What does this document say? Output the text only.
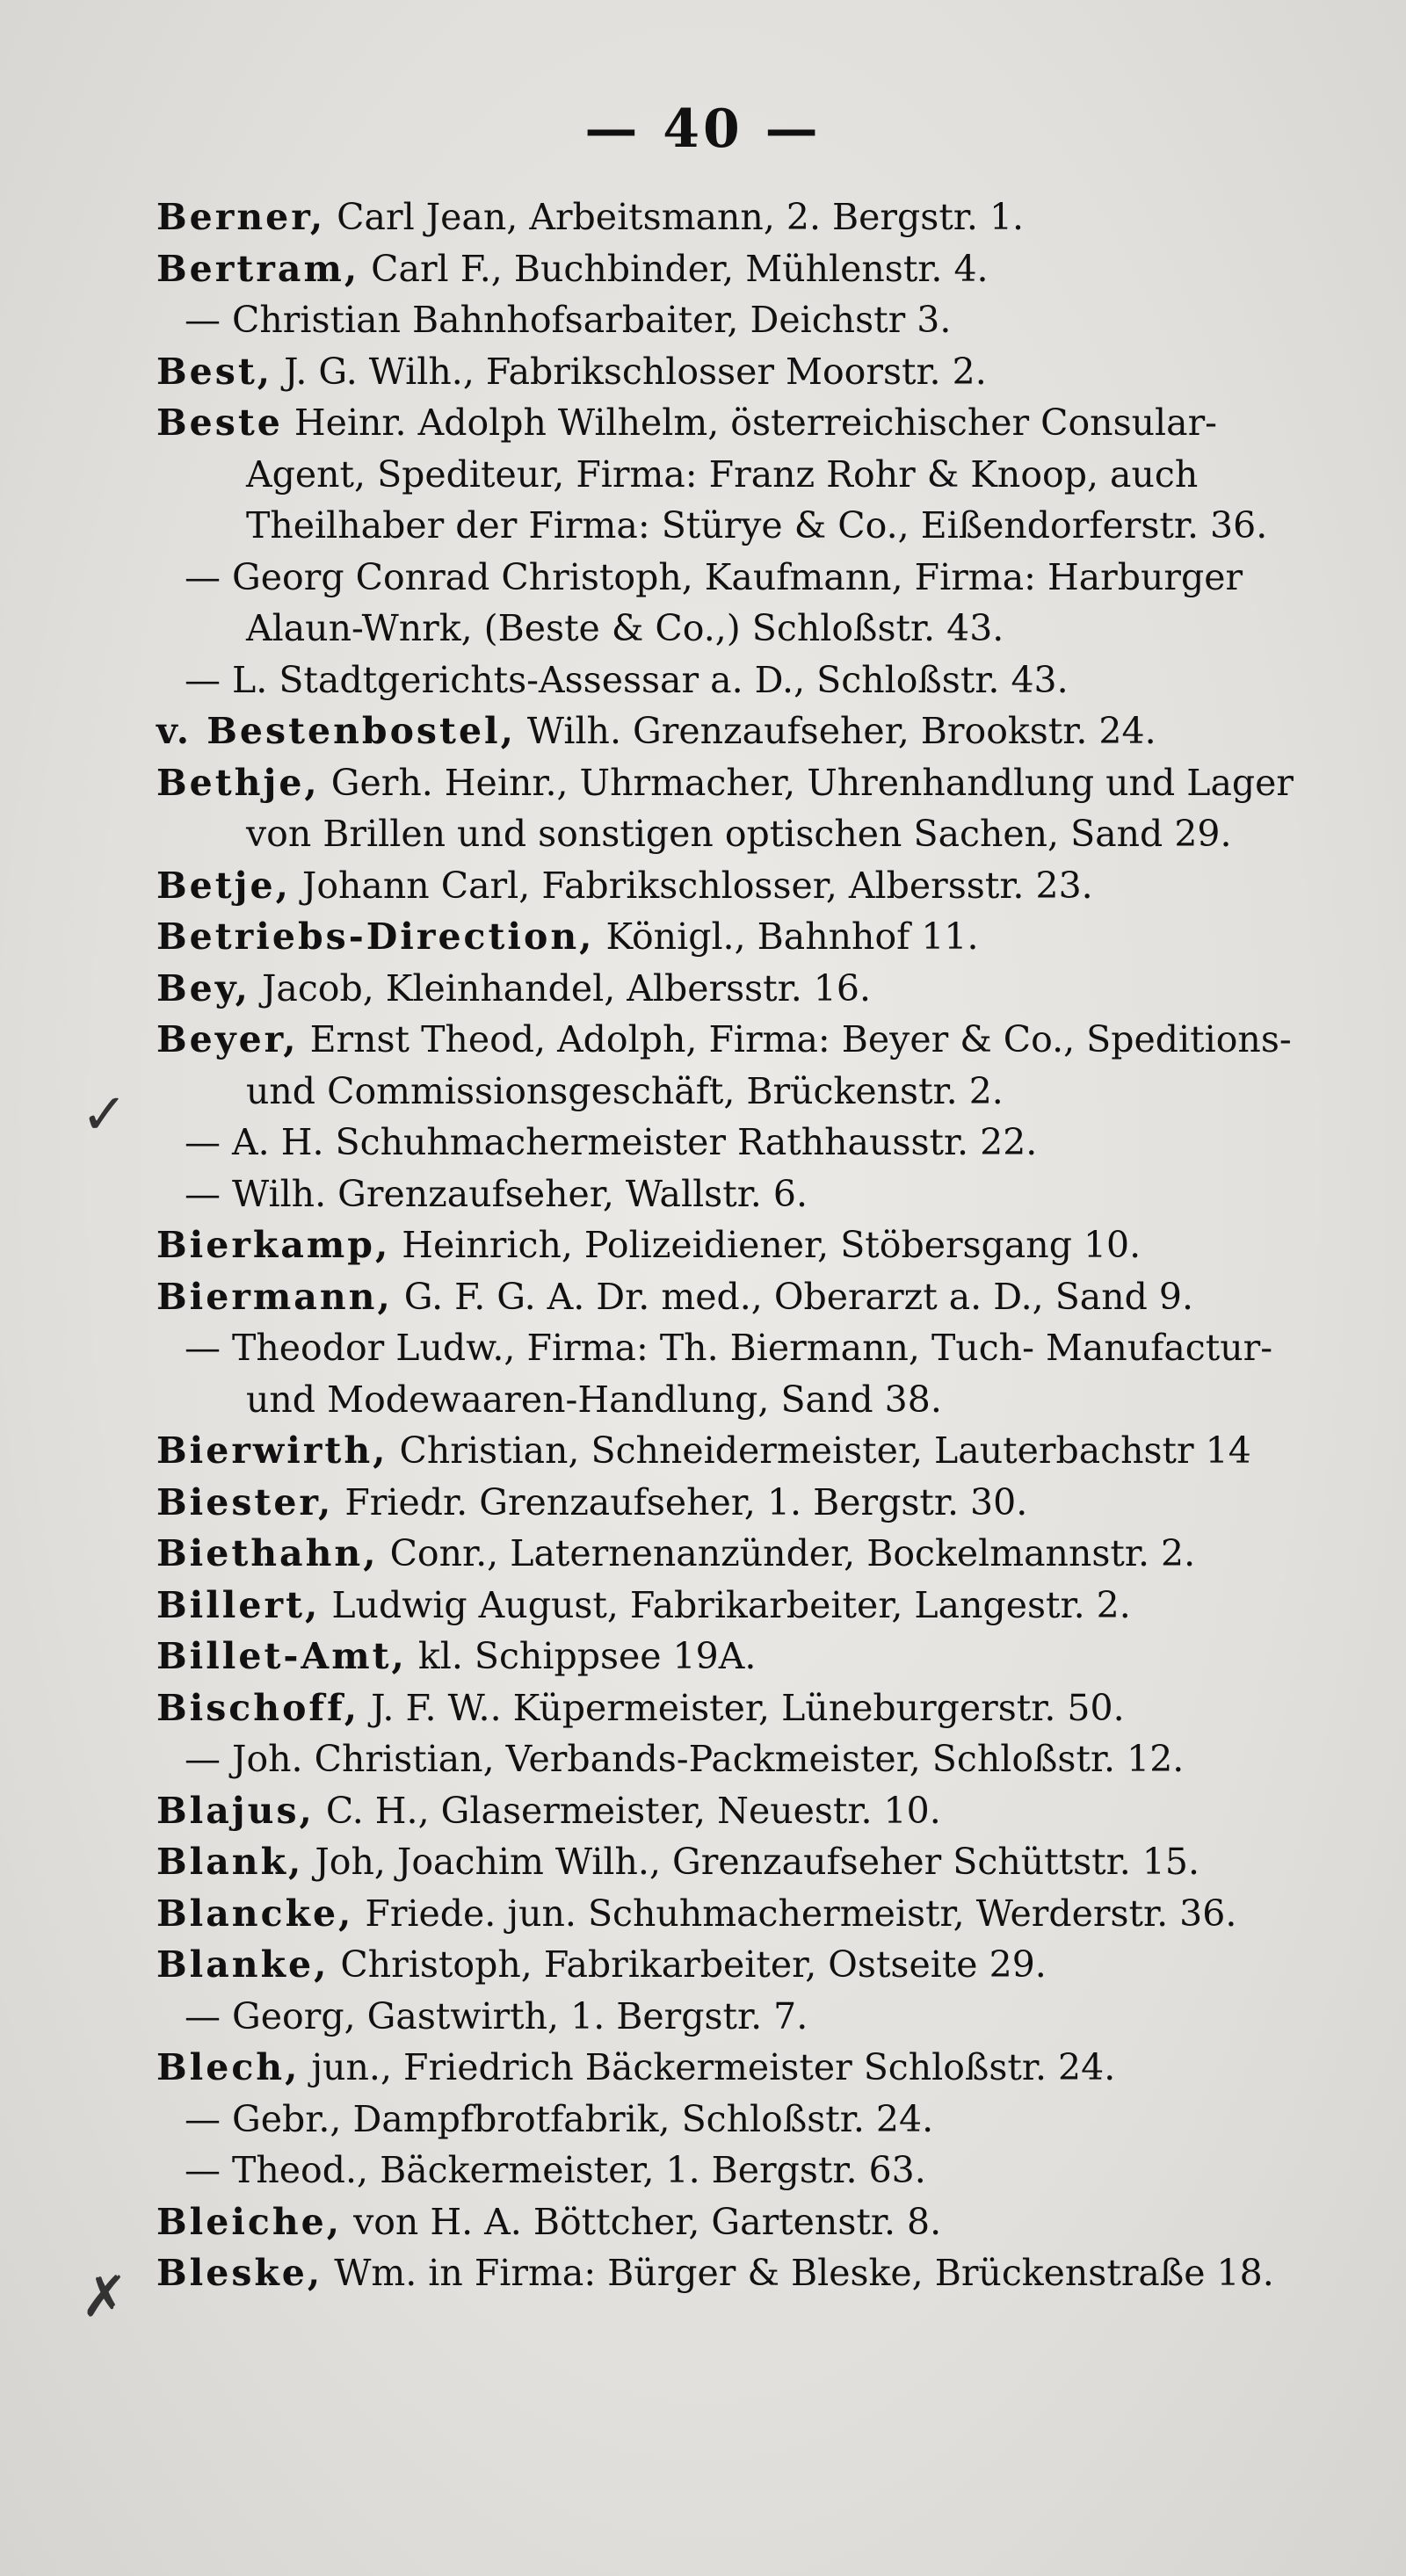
— 40 —
✓
✗
Berner, Carl Jean, Arbeitsmann, 2. Bergstr. 1.
Bertram, Carl F., Buchbinder, Mühlenstr. 4.
— Christian Bahnhofsarbaiter, Deichstr 3.
Best, J. G. Wilh., Fabrikschlosser Moorstr. 2.
Beste Heinr. Adolph Wilhelm, österreichischer Consular-Agent, Spediteur, Firma: Franz Rohr & Knoop, auch Theilhaber der Firma: Stürye & Co., Eißendorferstr. 36.
— Georg Conrad Christoph, Kaufmann, Firma: Harburger Alaun-Wnrk, (Beste & Co.,) Schloßstr. 43.
— L. Stadtgerichts-Assessar a. D., Schloßstr. 43.
v. Bestenbostel, Wilh. Grenzaufseher, Brookstr. 24.
Bethje, Gerh. Heinr., Uhrmacher, Uhrenhandlung und Lager von Brillen und sonstigen optischen Sachen, Sand 29.
Betje, Johann Carl, Fabrikschlosser, Albersstr. 23.
Betriebs-Direction, Königl., Bahnhof 11.
Bey, Jacob, Kleinhandel, Albersstr. 16.
Beyer, Ernst Theod, Adolph, Firma: Beyer & Co., Speditions- und Commissionsgeschäft, Brückenstr. 2.
— A. H. Schuhmachermeister Rathhausstr. 22.
— Wilh. Grenzaufseher, Wallstr. 6.
Bierkamp, Heinrich, Polizeidiener, Stöbersgang 10.
Biermann, G. F. G. A. Dr. med., Oberarzt a. D., Sand 9.
— Theodor Ludw., Firma: Th. Biermann, Tuch- Manufactur- und Modewaaren-Handlung, Sand 38.
Bierwirth, Christian, Schneidermeister, Lauterbachstr 14
Biester, Friedr. Grenzaufseher, 1. Bergstr. 30.
Biethahn, Conr., Laternenanzünder, Bockelmannstr. 2.
Billert, Ludwig August, Fabrikarbeiter, Langestr. 2.
Billet-Amt, kl. Schippsee 19A.
Bischoff, J. F. W.. Küpermeister, Lüneburgerstr. 50.
— Joh. Christian, Verbands-Packmeister, Schloßstr. 12.
Blajus, C. H., Glasermeister, Neuestr. 10.
Blank, Joh, Joachim Wilh., Grenzaufseher Schüttstr. 15.
Blancke, Friede. jun. Schuhmachermeistr, Werderstr. 36.
Blanke, Christoph, Fabrikarbeiter, Ostseite 29.
— Georg, Gastwirth, 1. Bergstr. 7.
Blech, jun., Friedrich Bäckermeister Schloßstr. 24.
— Gebr., Dampfbrotfabrik, Schloßstr. 24.
— Theod., Bäckermeister, 1. Bergstr. 63.
Bleiche, von H. A. Böttcher, Gartenstr. 8.
Bleske, Wm. in Firma: Bürger & Bleske, Brückenstraße 18.
